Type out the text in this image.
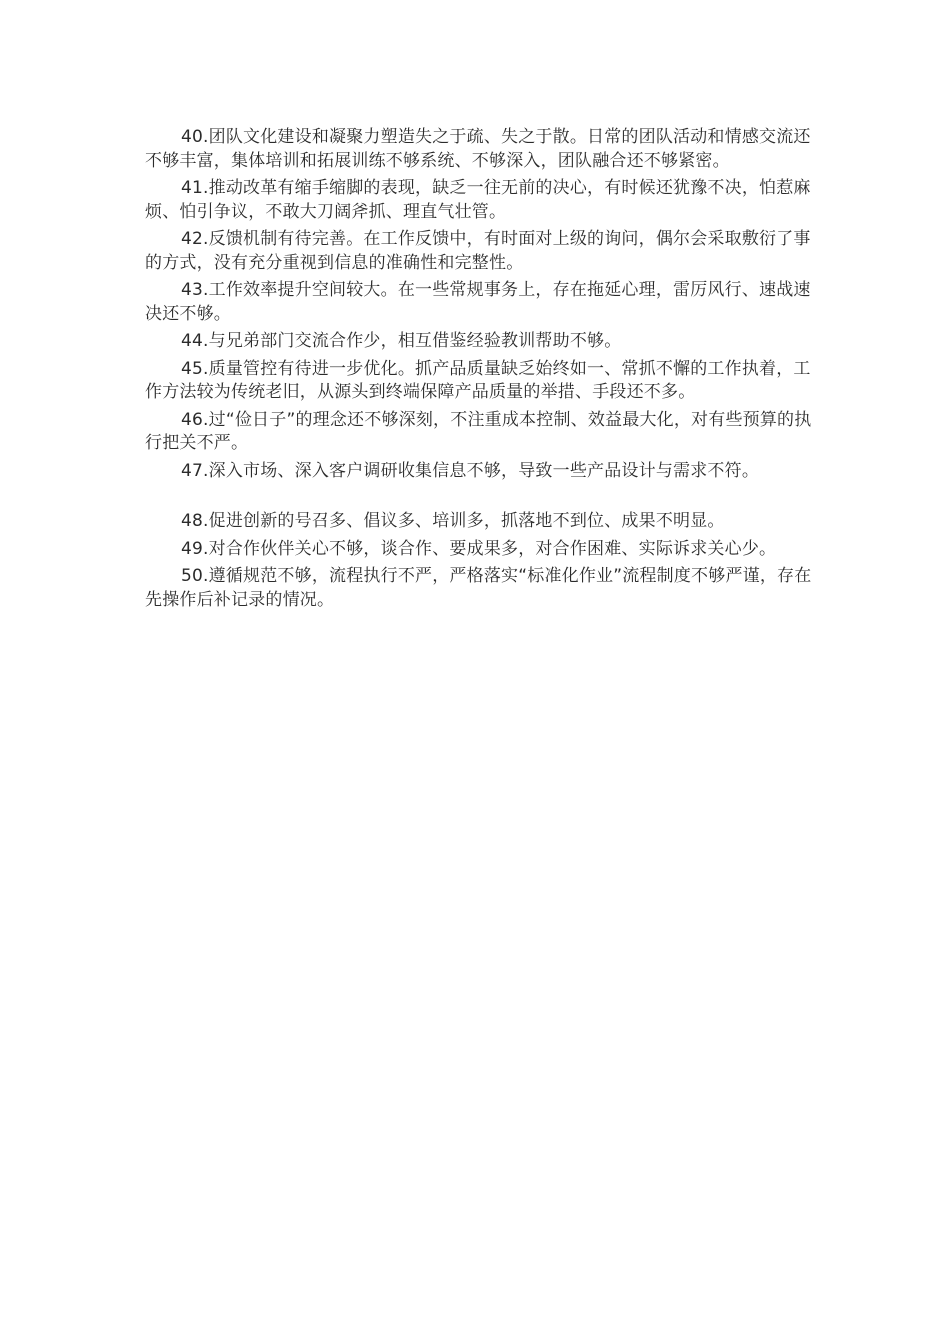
40.团队文化建设和凝聚力塑造失之于疏、失之于散。日常的团队活动和情感交流还不够丰富，集体培训和拓展训练不够系统、不够深入，团队融合还不够紧密。

41.推动改革有缩手缩脚的表现，缺乏一往无前的决心，有时候还犹豫不决，怕惹麻烦、怕引争议，不敢大刀阔斧抓、理直气壮管。

42.反馈机制有待完善。在工作反馈中，有时面对上级的询问，偶尔会采取敷衍了事的方式，没有充分重视到信息的准确性和完整性。

43.工作效率提升空间较大。在一些常规事务上，存在拖延心理，雷厉风行、速战速决还不够。

44.与兄弟部门交流合作少，相互借鉴经验教训帮助不够。

45.质量管控有待进一步优化。抓产品质量缺乏始终如一、常抓不懈的工作执着，工作方法较为传统老旧，从源头到终端保障产品质量的举措、手段还不多。

46.过“俭日子”的理念还不够深刻，不注重成本控制、效益最大化，对有些预算的执行把关不严。

47.深入市场、深入客户调研收集信息不够，导致一些产品设计与需求不符。

48.促进创新的号召多、倡议多、培训多，抓落地不到位、成果不明显。

49.对合作伙伴关心不够，谈合作、要成果多，对合作困难、实际诉求关心少。

50.遵循规范不够，流程执行不严，严格落实“标准化作业”流程制度不够严谨，存在先操作后补记录的情况。
